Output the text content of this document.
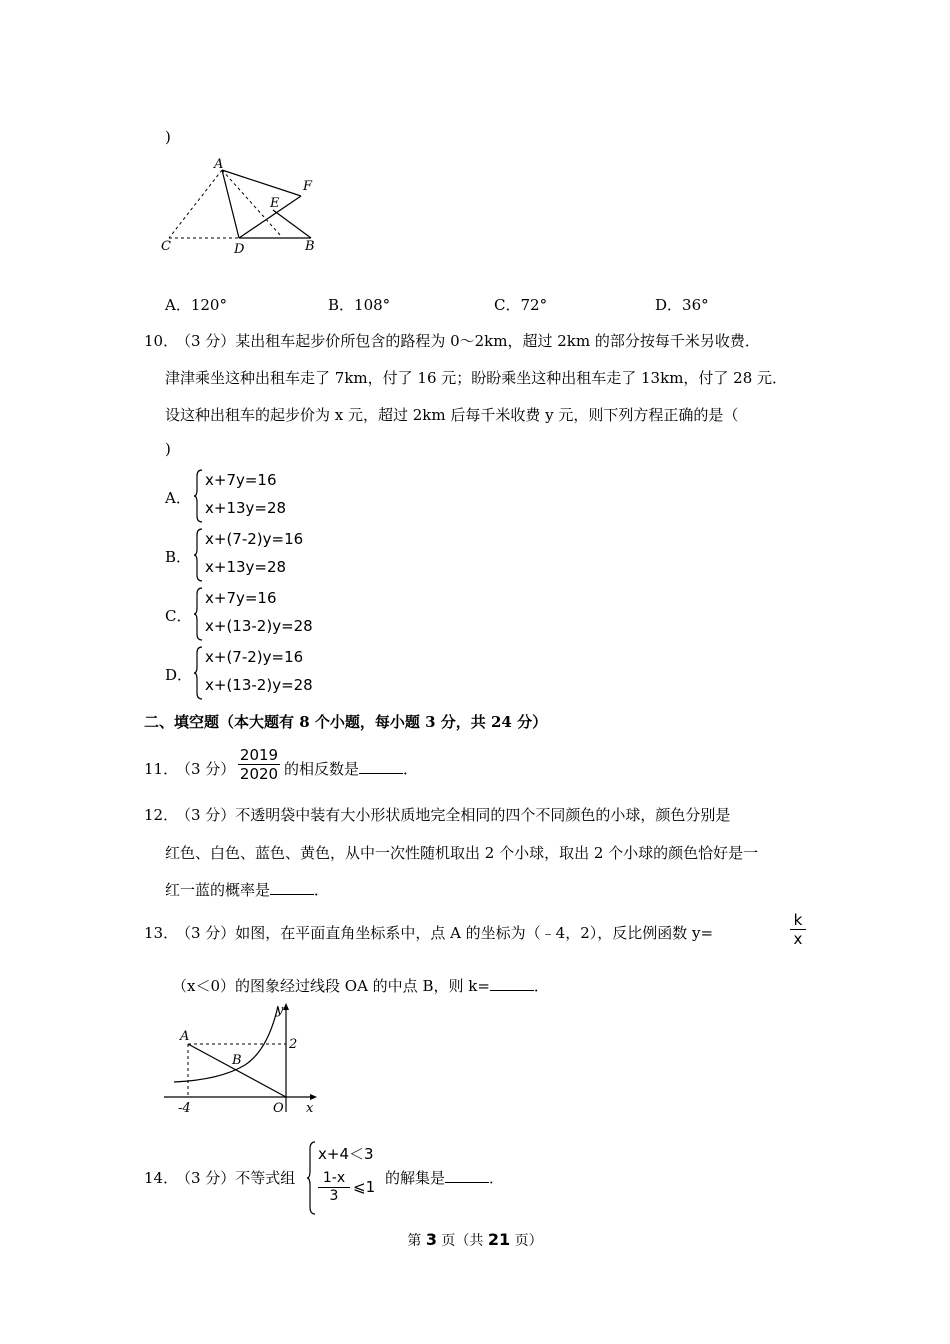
)
A
F
E
C	D	B
A．120°	B．108°	C．72°	D．36°
10．
（3 分）某出租车起步价所包含的路程为 0～2km，超过 2km 的部分按每千米另收费．
津津乘坐这种出租车走了 7km，付了 16 元；盼盼乘坐这种出租车走了 13km，付了 28 元．
设这种出租车的起步价为 x 元，超过 2km 后每千米收费 y 元，则下列方程正确的是（
)
A．
x+7y=16
x+13y=28
B．
x+(7-2)y=16
x+13y=28
C．
x+7y=16
x+(13-2)y=28
D．
x+(7-2)y=16
x+(13-2)y=28
二、填空题（本大题有 8 个小题，每小题 3 分，共 24 分）
11．
（3 分）
2019
2020 的相反数是	．
12．
（3 分）不透明袋中装有大小形状质地完全相同的四个不同颜色的小球，颜色分别是
红色、白色、蓝色、黄色，从中一次性随机取出 2 个小球，取出 2 个小球的颜色恰好是一
红一蓝的概率是	．
13．
（3 分）如图，在平面直角坐标系中，点 A 的坐标为（﹣4，2），反比例函数 y=
k
x
（x＜0）的图象经过线段 OA 的中点 B，则 k=	．
y
A
2
B
-4	O x
14．
（3 分）不等式组
x+4＜3
1-x
3 ⩽1 的解集是	．
第 3 页（共 21 页）
